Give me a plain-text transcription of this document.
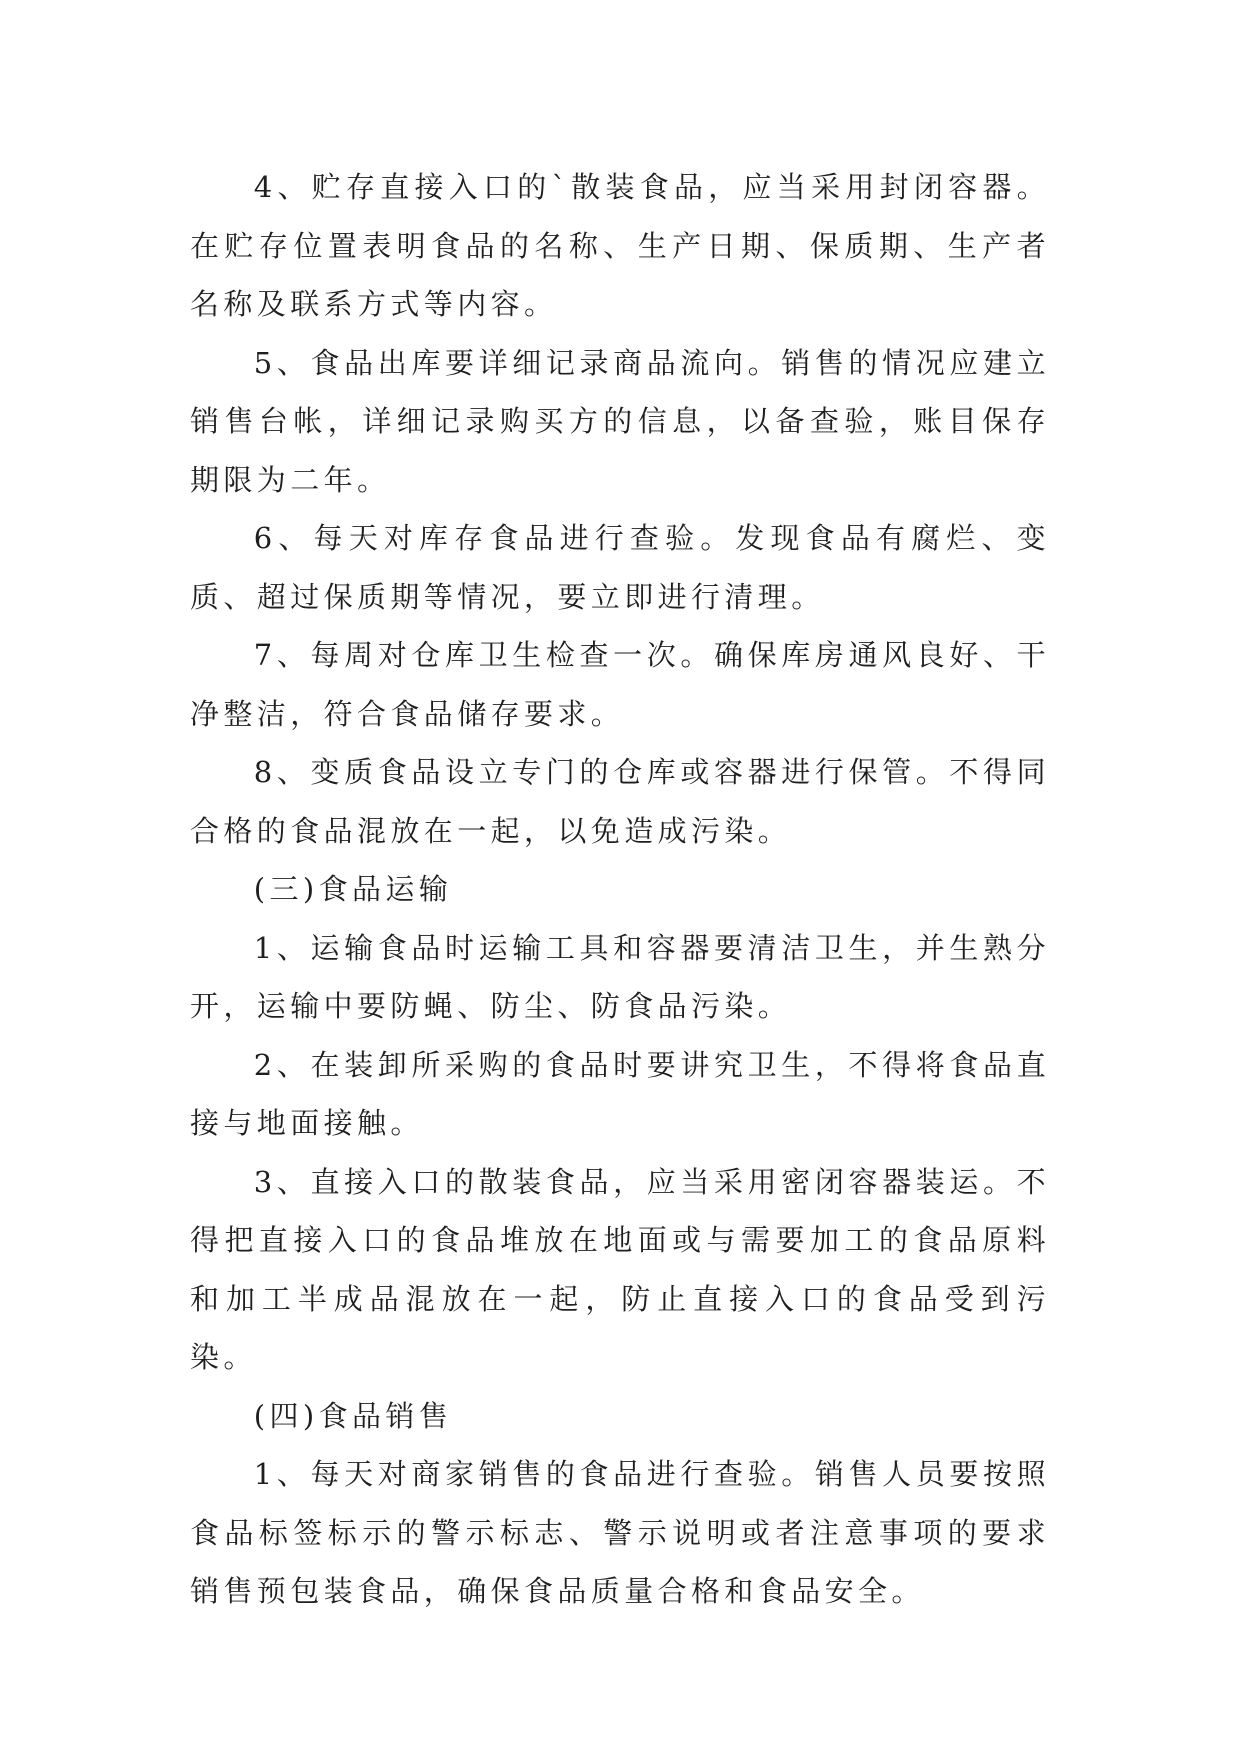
4、贮存直接入口的`散装食品，应当采用封闭容器。在贮存位置表明食品的名称、生产日期、保质期、生产者名称及联系方式等内容。

5、食品出库要详细记录商品流向。销售的情况应建立销售台帐，详细记录购买方的信息，以备查验，账目保存期限为二年。

6、每天对库存食品进行查验。发现食品有腐烂、变质、超过保质期等情况，要立即进行清理。

7、每周对仓库卫生检查一次。确保库房通风良好、干净整洁，符合食品储存要求。

8、变质食品设立专门的仓库或容器进行保管。不得同合格的食品混放在一起，以免造成污染。

(三)食品运输

1、运输食品时运输工具和容器要清洁卫生，并生熟分开，运输中要防蝇、防尘、防食品污染。

2、在装卸所采购的食品时要讲究卫生，不得将食品直接与地面接触。

3、直接入口的散装食品，应当采用密闭容器装运。不得把直接入口的食品堆放在地面或与需要加工的食品原料和加工半成品混放在一起，防止直接入口的食品受到污染。

(四)食品销售

1、每天对商家销售的食品进行查验。销售人员要按照食品标签标示的警示标志、警示说明或者注意事项的要求销售预包装食品，确保食品质量合格和食品安全。
